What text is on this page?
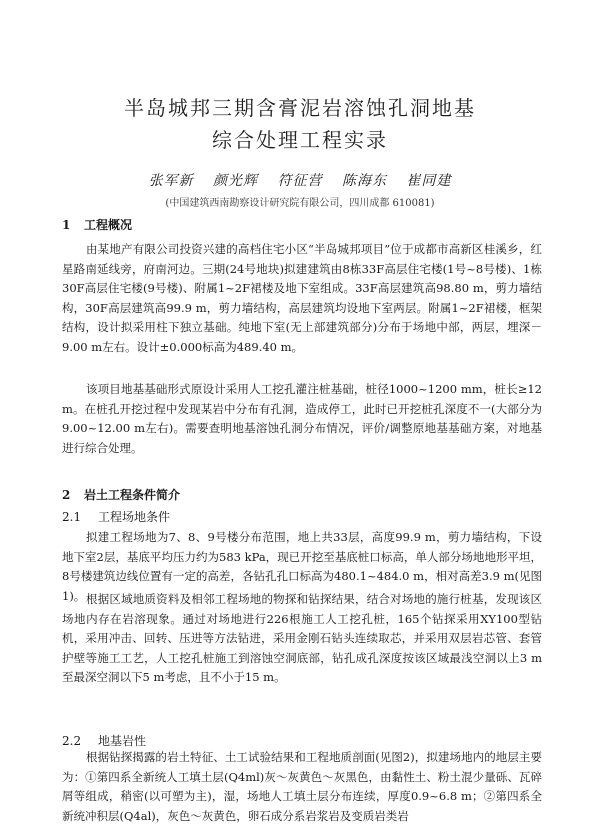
半岛城邦三期含膏泥岩溶蚀孔洞地基
综合处理工程实录
张军新 颜光辉 符征营 陈海东 崔同建
(中国建筑西南勘察设计研究院有限公司，四川成都 610081)
1 工程概况

由某地产有限公司投资兴建的高档住宅小区“半岛城邦项目”位于成都市高新区桂溪乡，红星路南延线旁，府南河边。三期(24号地块)拟建建筑由8栋33F高层住宅楼(1号~8号楼)、1栋30F高层住宅楼(9号楼)、附属1~2F裙楼及地下室组成。33F高层建筑高98.80 m，剪力墙结构，30F高层建筑高99.9 m，剪力墙结构，高层建筑均设地下室两层。附属1~2F裙楼，框架结构，设计拟采用柱下独立基础。纯地下室(无上部建筑部分)分布于场地中部，两层，埋深－9.00 m左右。设计±0.000标高为489.40 m。

该项目地基基础形式原设计采用人工挖孔灌注桩基础，桩径1000~1200 mm，桩长≥12 m。在桩孔开挖过程中发现某岩中分布有孔洞，造成停工，此时已开挖桩孔深度不一(大部分为9.00~12.00 m左右)。需要查明地基溶蚀孔洞分布情况，评价/调整原地基基础方案，对地基进行综合处理。

2 岩土工程条件简介
2.1 工程场地条件

拟建工程场地为7、8、9号楼分布范围，地上共33层，高度99.9 m，剪力墙结构，下设地下室2层，基底平均压力约为583 kPa，现已开挖至基底桩口标高，单人部分场地地形平坦，8号楼建筑边线位置有一定的高差，各钻孔孔口标高为480.1~484.0 m，相对高差3.9 m(见图1)。 根据区域地质资料及相邻工程场地的物探和钻探结果，结合对场地的施行桩基，发现该区场地内存在岩溶现象。通过对场地进行226根施工人工挖孔桩，165个钻探采用XY100型钻机，采用冲击、回转、压进等方法钻进，采用金刚石钻头连续取芯，并采用双层岩芯管、套管护壁等施工工艺，人工挖孔桩施工到溶蚀空洞底部，钻孔成孔深度按该区域最浅空洞以上3 m至最深空洞以下5 m考虑，且不小于15 m。

2.2 地基岩性

根据钻探揭露的岩土特征、土工试验结果和工程地质剖面(见图2)，拟建场地内的地层主要为：①第四系全新统人工填土层(Q4ml)灰～灰黄色～灰黑色，由黏性土、粉土混少量砾、瓦碎屑等组成，稍密(以可塑为主)，湿，场地人工填土层分布连续，厚度0.9~6.8 m；②第四系全新统冲积层(Q4al)，灰色～灰黄色，卵石成分系岩浆岩及变质岩类岩
